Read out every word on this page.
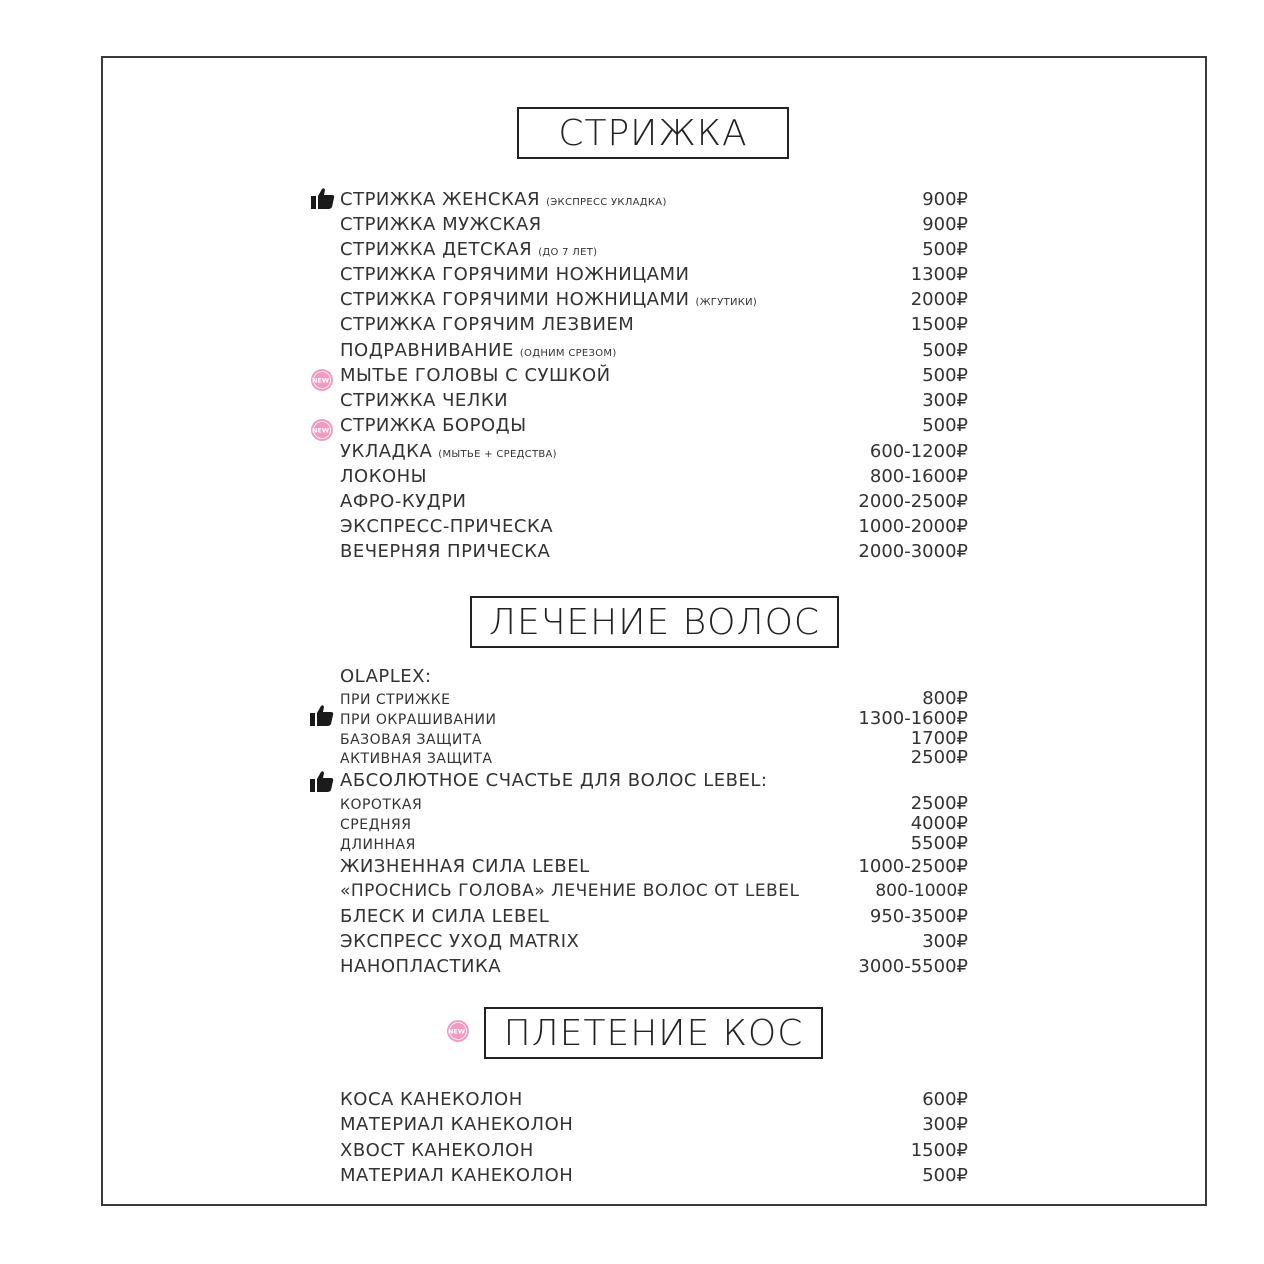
СТРИЖКА
ЛЕЧЕНИЕ ВОЛОС
ПЛЕТЕНИЕ КОС
NEW!
NEW!
NEW!
СТРИЖКА ЖЕНСКАЯ (ЭКСПРЕСС УКЛАДКА)	900₽
СТРИЖКА МУЖСКАЯ	900₽
СТРИЖКА ДЕТСКАЯ (ДО 7 ЛЕТ)	500₽
СТРИЖКА ГОРЯЧИМИ НОЖНИЦАМИ	1300₽
СТРИЖКА ГОРЯЧИМИ НОЖНИЦАМИ (ЖГУТИКИ)	2000₽
СТРИЖКА ГОРЯЧИМ ЛЕЗВИЕМ	1500₽
ПОДРАВНИВАНИЕ (ОДНИМ СРЕЗОМ)	500₽
МЫТЬЕ ГОЛОВЫ С СУШКОЙ	500₽
СТРИЖКА ЧЕЛКИ	300₽
СТРИЖКА БОРОДЫ	500₽
УКЛАДКА (МЫТЬЕ + СРЕДСТВА)	600-1200₽
ЛОКОНЫ	800-1600₽
АФРО-КУДРИ	2000-2500₽
ЭКСПРЕСС-ПРИЧЕСКА	1000-2000₽
ВЕЧЕРНЯЯ ПРИЧЕСКА	2000-3000₽
OLAPLEX:
ПРИ СТРИЖКЕ	800₽
ПРИ ОКРАШИВАНИИ	1300-1600₽
БАЗОВАЯ ЗАЩИТА	1700₽
АКТИВНАЯ ЗАЩИТА	2500₽
АБСОЛЮТНОЕ СЧАСТЬЕ ДЛЯ ВОЛОС LEBEL:
КОРОТКАЯ	2500₽
СРЕДНЯЯ	4000₽
ДЛИННАЯ	5500₽
ЖИЗНЕННАЯ СИЛА LEBEL	1000-2500₽
«ПРОСНИСЬ ГОЛОВА» ЛЕЧЕНИЕ ВОЛОС ОТ LEBEL	800-1000₽
БЛЕСК И СИЛА LEBEL	950-3500₽
ЭКСПРЕСС УХОД MATRIX	300₽
НАНОПЛАСТИКА	3000-5500₽
КОСА КАНЕКОЛОН	600₽
МАТЕРИАЛ КАНЕКОЛОН	300₽
ХВОСТ КАНЕКОЛОН	1500₽
МАТЕРИАЛ КАНЕКОЛОН	500₽
